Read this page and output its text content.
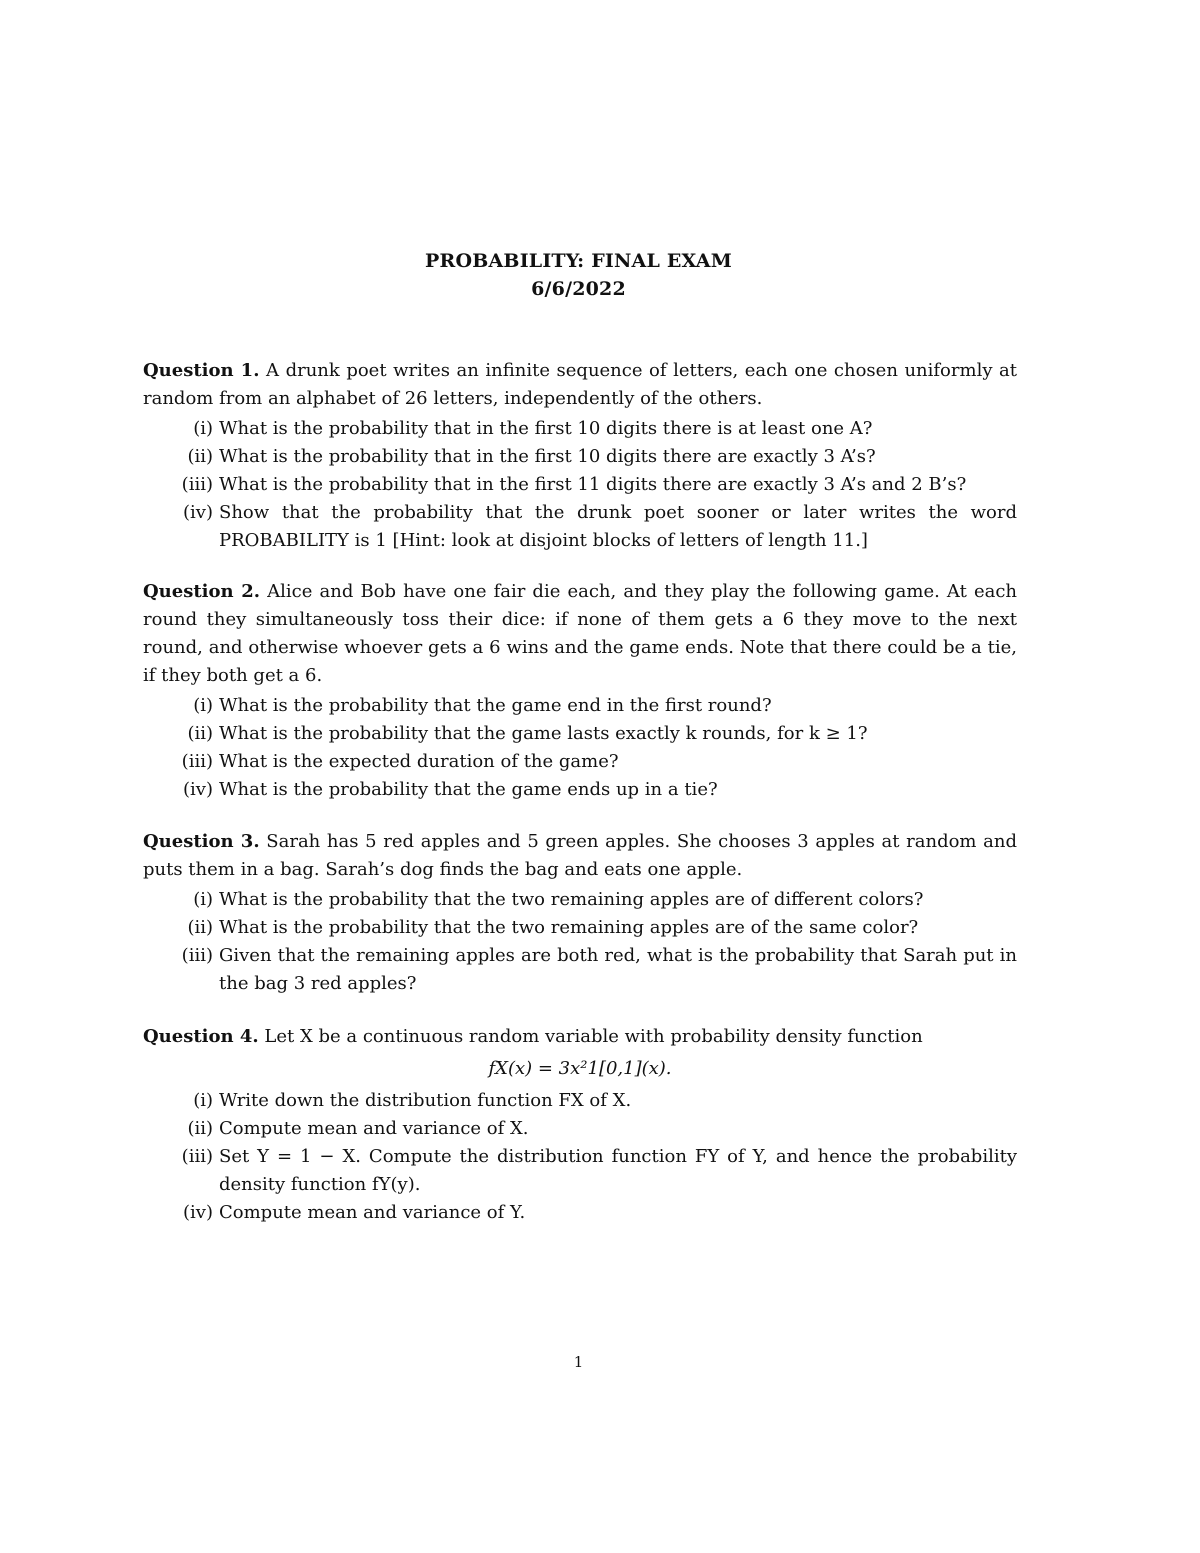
PROBABILITY: FINAL EXAM
6/6/2022
Question 1. A drunk poet writes an infinite sequence of letters, each one chosen uniformly at random from an alphabet of 26 letters, independently of the others.
(i) What is the probability that in the first 10 digits there is at least one A?
(ii) What is the probability that in the first 10 digits there are exactly 3 A’s?
(iii) What is the probability that in the first 11 digits there are exactly 3 A’s and 2 B’s?
(iv) Show that the probability that the drunk poet sooner or later writes the word PROBABILITY is 1 [Hint: look at disjoint blocks of letters of length 11.]
Question 2. Alice and Bob have one fair die each, and they play the following game. At each round they simultaneously toss their dice: if none of them gets a 6 they move to the next round, and otherwise whoever gets a 6 wins and the game ends. Note that there could be a tie, if they both get a 6.
(i) What is the probability that the game end in the first round?
(ii) What is the probability that the game lasts exactly k rounds, for k ≥ 1?
(iii) What is the expected duration of the game?
(iv) What is the probability that the game ends up in a tie?
Question 3. Sarah has 5 red apples and 5 green apples. She chooses 3 apples at random and puts them in a bag. Sarah’s dog finds the bag and eats one apple.
(i) What is the probability that the two remaining apples are of different colors?
(ii) What is the probability that the two remaining apples are of the same color?
(iii) Given that the remaining apples are both red, what is the probability that Sarah put in the bag 3 red apples?
Question 4. Let X be a continuous random variable with probability density function
fX(x) = 3x²1[0,1](x).
(i) Write down the distribution function FX of X.
(ii) Compute mean and variance of X.
(iii) Set Y = 1 − X. Compute the distribution function FY of Y, and hence the probability density function fY(y).
(iv) Compute mean and variance of Y.
1
